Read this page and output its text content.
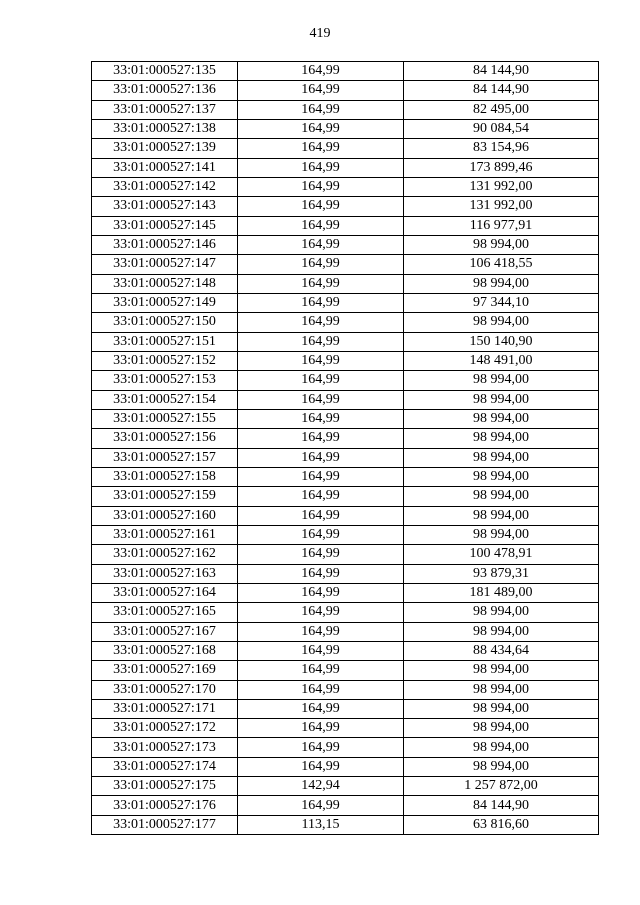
419
33:01:000527:135	164,99	84 144,90
33:01:000527:136	164,99	84 144,90
33:01:000527:137	164,99	82 495,00
33:01:000527:138	164,99	90 084,54
33:01:000527:139	164,99	83 154,96
33:01:000527:141	164,99	173 899,46
33:01:000527:142	164,99	131 992,00
33:01:000527:143	164,99	131 992,00
33:01:000527:145	164,99	116 977,91
33:01:000527:146	164,99	98 994,00
33:01:000527:147	164,99	106 418,55
33:01:000527:148	164,99	98 994,00
33:01:000527:149	164,99	97 344,10
33:01:000527:150	164,99	98 994,00
33:01:000527:151	164,99	150 140,90
33:01:000527:152	164,99	148 491,00
33:01:000527:153	164,99	98 994,00
33:01:000527:154	164,99	98 994,00
33:01:000527:155	164,99	98 994,00
33:01:000527:156	164,99	98 994,00
33:01:000527:157	164,99	98 994,00
33:01:000527:158	164,99	98 994,00
33:01:000527:159	164,99	98 994,00
33:01:000527:160	164,99	98 994,00
33:01:000527:161	164,99	98 994,00
33:01:000527:162	164,99	100 478,91
33:01:000527:163	164,99	93 879,31
33:01:000527:164	164,99	181 489,00
33:01:000527:165	164,99	98 994,00
33:01:000527:167	164,99	98 994,00
33:01:000527:168	164,99	88 434,64
33:01:000527:169	164,99	98 994,00
33:01:000527:170	164,99	98 994,00
33:01:000527:171	164,99	98 994,00
33:01:000527:172	164,99	98 994,00
33:01:000527:173	164,99	98 994,00
33:01:000527:174	164,99	98 994,00
33:01:000527:175	142,94	1 257 872,00
33:01:000527:176	164,99	84 144,90
33:01:000527:177	113,15	63 816,60
